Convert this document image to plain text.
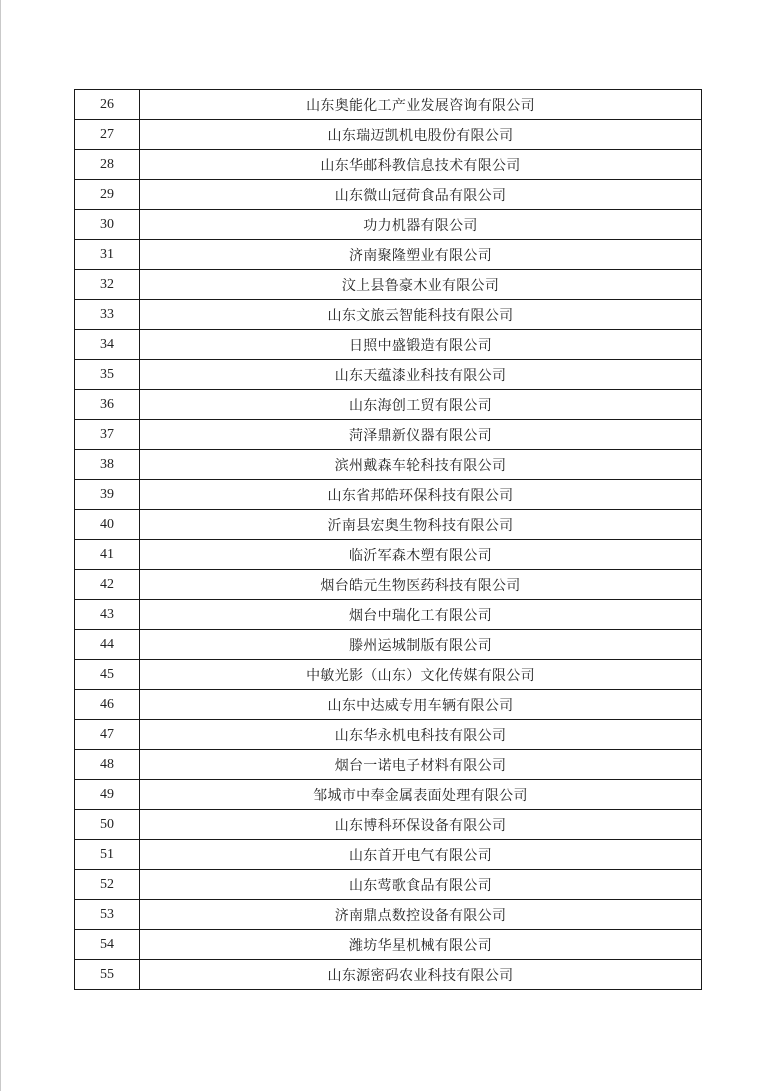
26	山东奥能化工产业发展咨询有限公司
27	山东瑞迈凯机电股份有限公司
28	山东华邮科教信息技术有限公司
29	山东微山冠荷食品有限公司
30	功力机器有限公司
31	济南聚隆塑业有限公司
32	汶上县鲁豪木业有限公司
33	山东文旅云智能科技有限公司
34	日照中盛锻造有限公司
35	山东天蕴漆业科技有限公司
36	山东海创工贸有限公司
37	菏泽鼎新仪器有限公司
38	滨州戴森车轮科技有限公司
39	山东省邦皓环保科技有限公司
40	沂南县宏奥生物科技有限公司
41	临沂军森木塑有限公司
42	烟台皓元生物医药科技有限公司
43	烟台中瑞化工有限公司
44	滕州运城制版有限公司
45	中敏光影（山东）文化传媒有限公司
46	山东中达威专用车辆有限公司
47	山东华永机电科技有限公司
48	烟台一诺电子材料有限公司
49	邹城市中奉金属表面处理有限公司
50	山东博科环保设备有限公司
51	山东首开电气有限公司
52	山东莺歌食品有限公司
53	济南鼎点数控设备有限公司
54	潍坊华星机械有限公司
55	山东源密码农业科技有限公司
